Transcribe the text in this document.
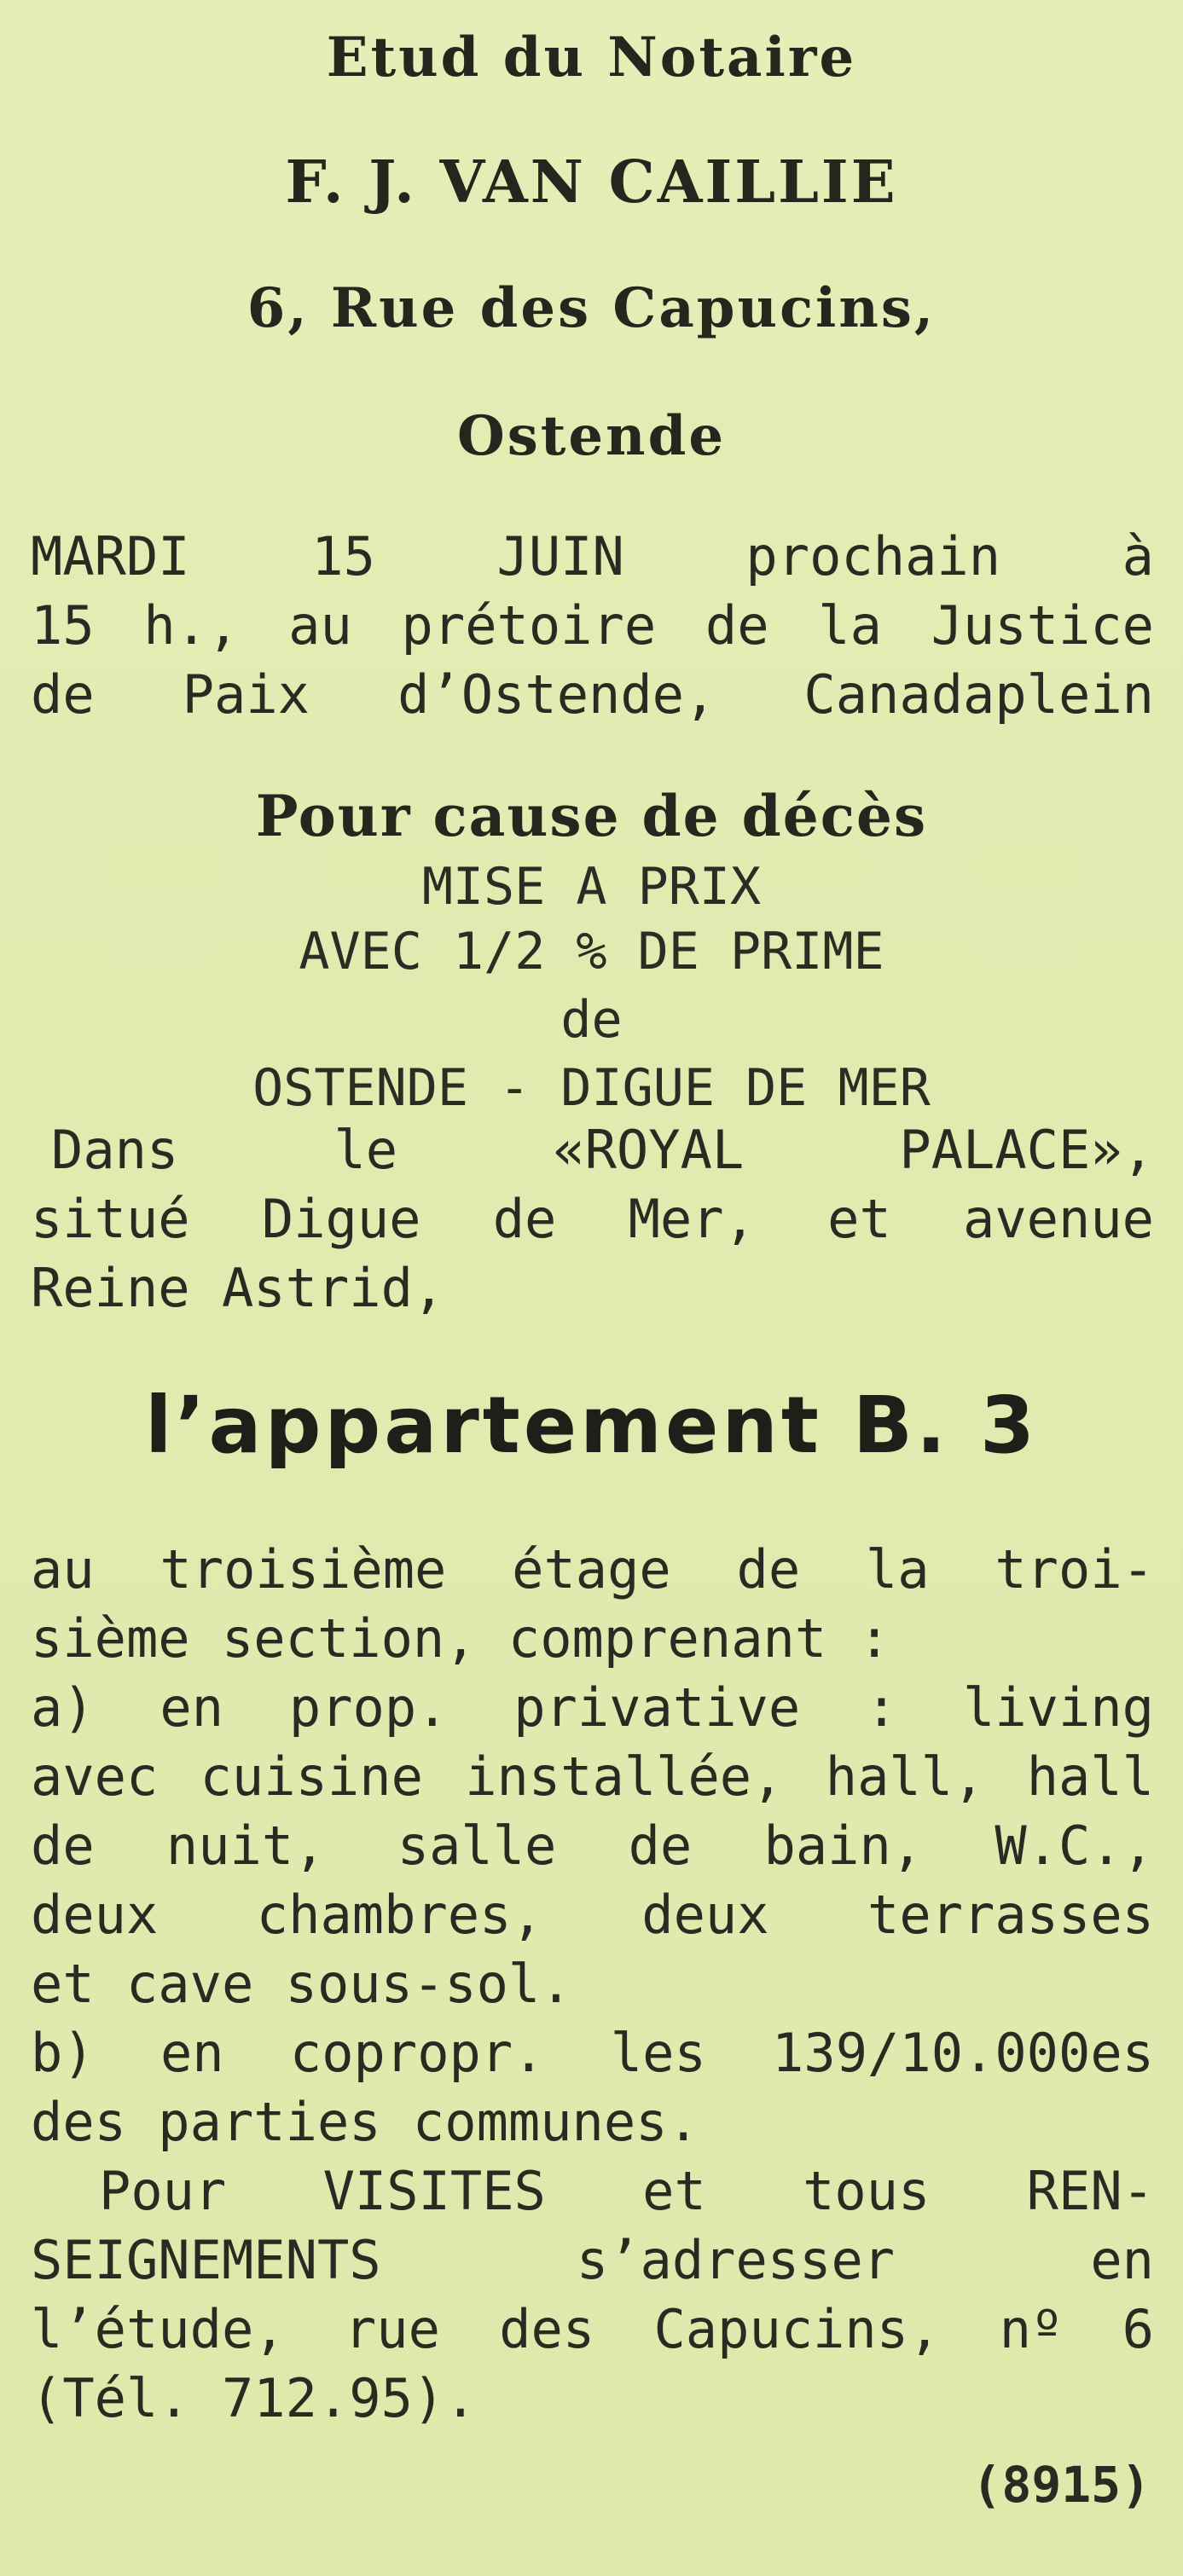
Etud du Notaire
F. J. VAN CAILLIE
6, Rue des Capucins,
Ostende
MARDI 15 JUIN prochain à
15 h., au prétoire de la Justice
de Paix d’Ostende, Canadaplein
Pour cause de décès
MISE A PRIX
AVEC 1/2 % DE PRIME
de
OSTENDE - DIGUE DE MER
Dans le «ROYAL PALACE»,
situé Digue de Mer, et avenue
Reine Astrid,
l’appartement B. 3
au troisième étage de la troi-
sième section, comprenant :
a) en prop. privative : living
avec cuisine installée, hall, hall
de nuit, salle de bain, W.C.,
deux chambres, deux terrasses
et cave sous-sol.
b) en copropr. les 139/10.000es
des parties communes.
Pour VISITES et tous REN-
SEIGNEMENTS s’adresser en
l’étude, rue des Capucins, nº 6
(Tél. 712.95).
(8915)
